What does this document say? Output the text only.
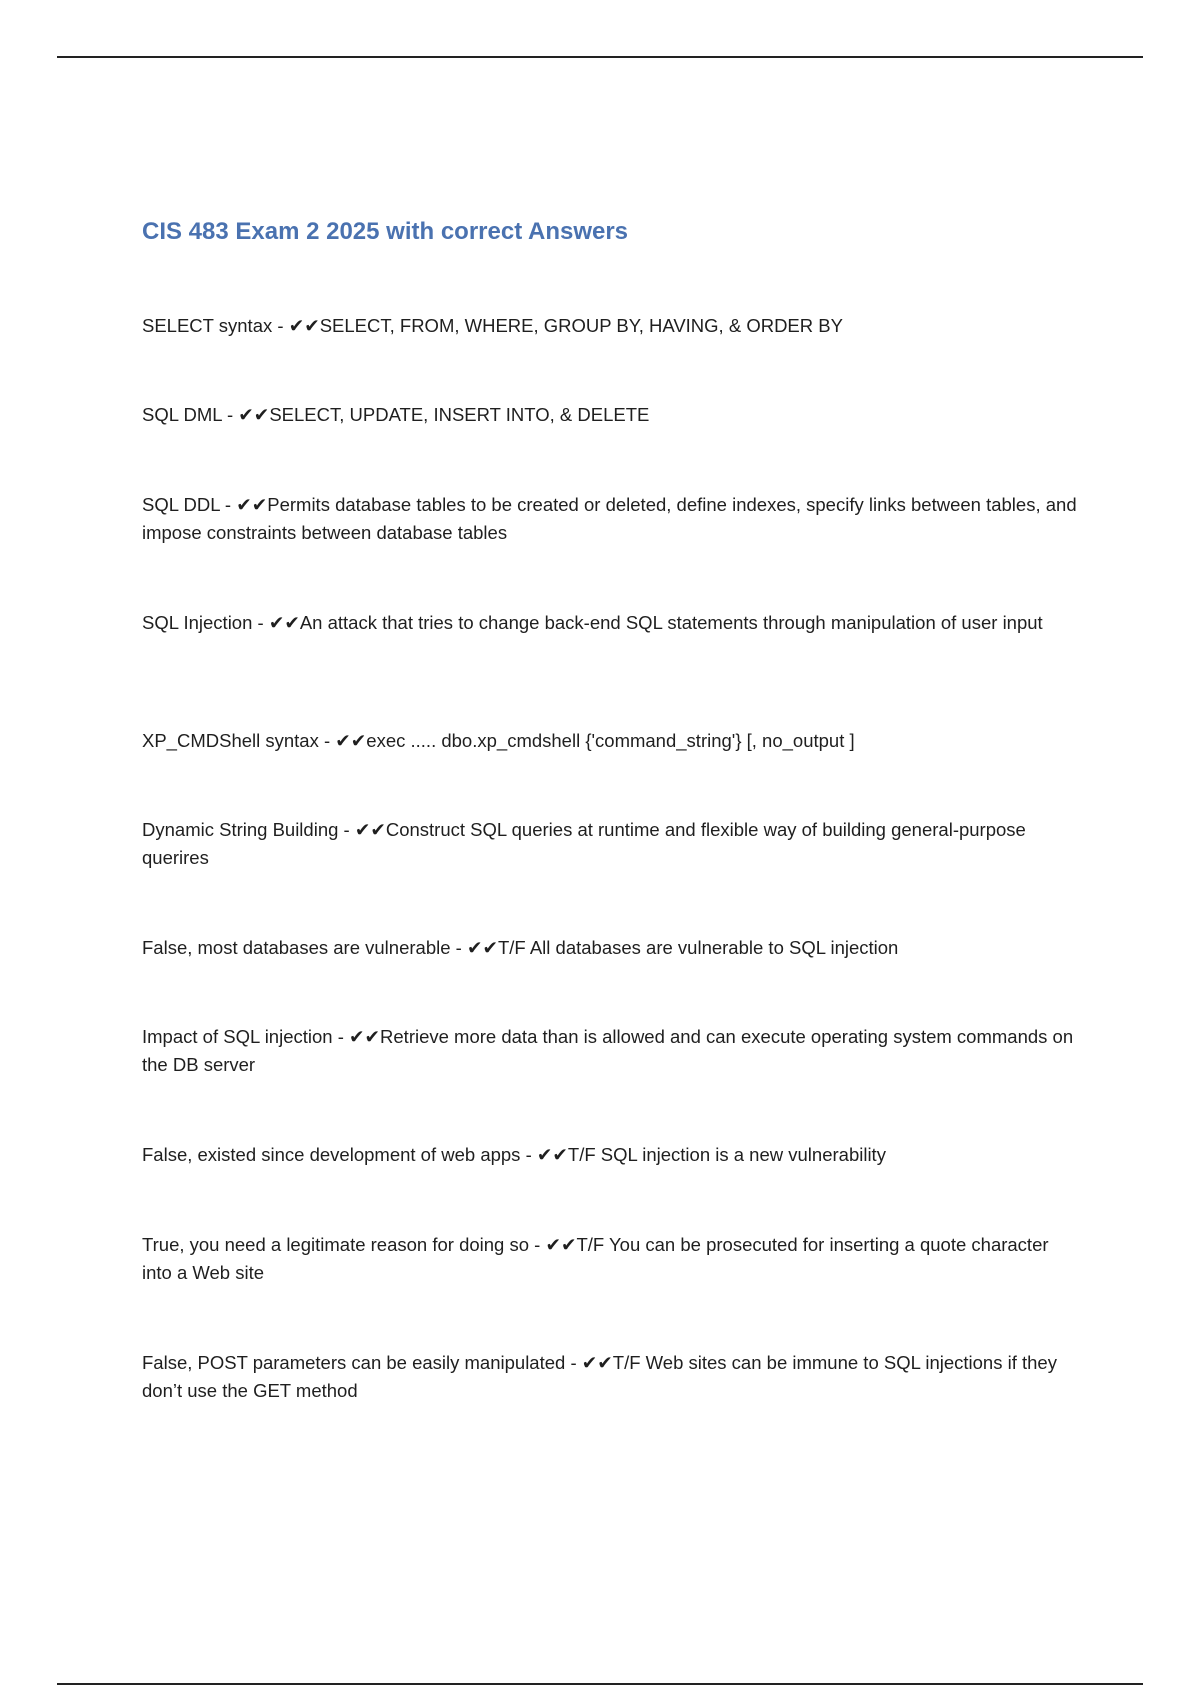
CIS 483 Exam 2 2025 with correct Answers

SELECT syntax - ✔✔SELECT, FROM, WHERE, GROUP BY, HAVING, & ORDER BY

SQL DML - ✔✔SELECT, UPDATE, INSERT INTO, & DELETE

SQL DDL - ✔✔Permits database tables to be created or deleted, define indexes, specify links between tables, and impose constraints between database tables

SQL Injection - ✔✔An attack that tries to change back-end SQL statements through manipulation of user input

XP_CMDShell syntax - ✔✔exec ..... dbo.xp_cmdshell {'command_string'} [, no_output ]

Dynamic String Building - ✔✔Construct SQL queries at runtime and flexible way of building general-purpose querires

False, most databases are vulnerable - ✔✔T/F All databases are vulnerable to SQL injection

Impact of SQL injection - ✔✔Retrieve more data than is allowed and can execute operating system commands on the DB server

False, existed since development of web apps - ✔✔T/F SQL injection is a new vulnerability

True, you need a legitimate reason for doing so - ✔✔T/F You can be prosecuted for inserting a quote character into a Web site

False, POST parameters can be easily manipulated - ✔✔T/F Web sites can be immune to SQL injections if they don’t use the GET method
